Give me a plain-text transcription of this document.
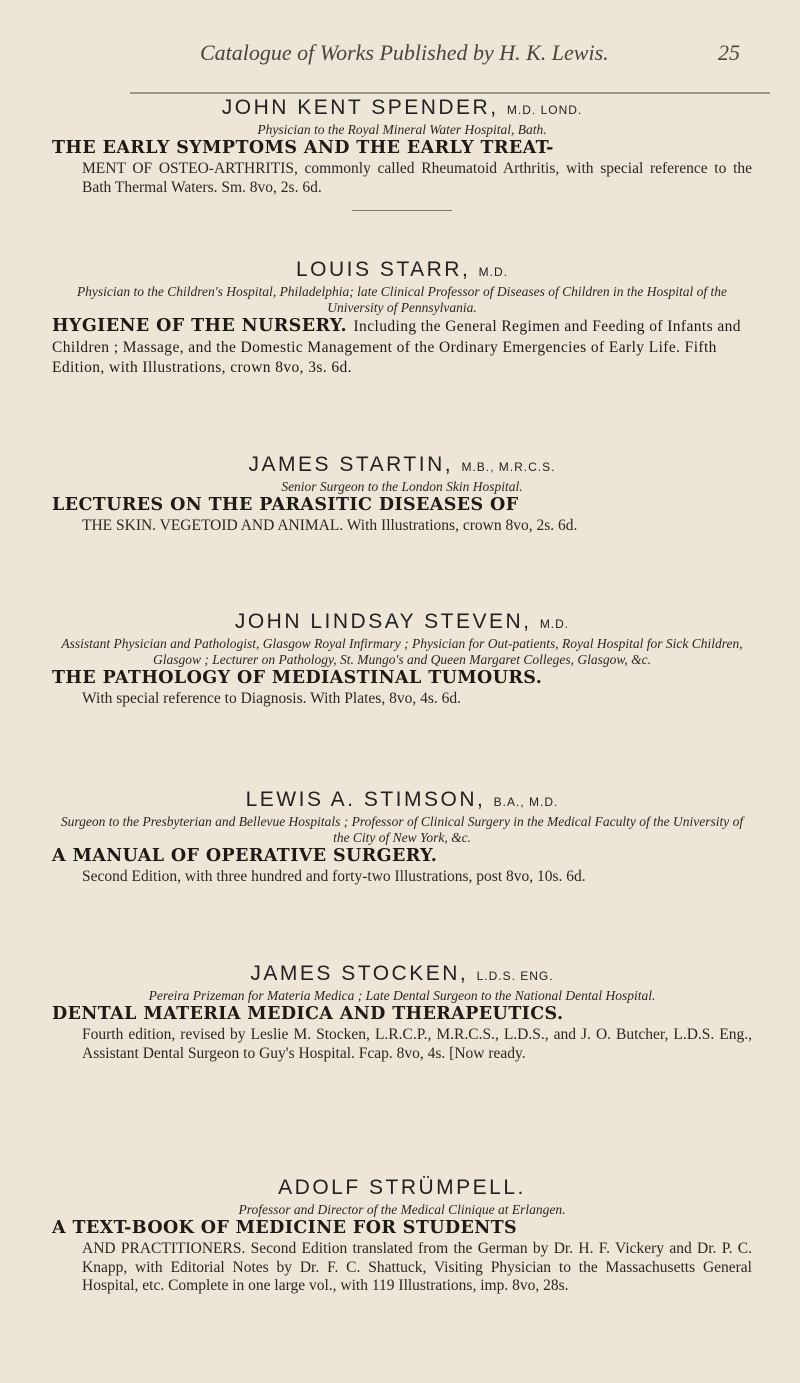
Catalogue of Works Published by H. K. Lewis.	25
JOHN KENT SPENDER, M.D. LOND.
Physician to the Royal Mineral Water Hospital, Bath.
THE EARLY SYMPTOMS AND THE EARLY TREAT-
MENT OF OSTEO-ARTHRITIS, commonly called Rheumatoid Arthritis, with special reference to the Bath Thermal Waters. Sm. 8vo, 2s. 6d.
LOUIS STARR, M.D.
Physician to the Children's Hospital, Philadelphia; late Clinical Professor of Diseases of Children in the Hospital of the University of Pennsylvania.
HYGIENE OF THE NURSERY. Including the General Regimen and Feeding of Infants and Children ; Massage, and the Domestic Management of the Ordinary Emergencies of Early Life. Fifth Edition, with Illustrations, crown 8vo, 3s. 6d.
JAMES STARTIN, M.B., M.R.C.S.
Senior Surgeon to the London Skin Hospital.
LECTURES ON THE PARASITIC DISEASES OF
THE SKIN. VEGETOID AND ANIMAL. With Illustrations, crown 8vo, 2s. 6d.
JOHN LINDSAY STEVEN, M.D.
Assistant Physician and Pathologist, Glasgow Royal Infirmary ; Physician for Out-patients, Royal Hospital for Sick Children, Glasgow ; Lecturer on Pathology, St. Mungo's and Queen Margaret Colleges, Glasgow, &c.
THE PATHOLOGY OF MEDIASTINAL TUMOURS.
With special reference to Diagnosis. With Plates, 8vo, 4s. 6d.
LEWIS A. STIMSON, B.A., M.D.
Surgeon to the Presbyterian and Bellevue Hospitals ; Professor of Clinical Surgery in the Medical Faculty of the University of the City of New York, &c.
A MANUAL OF OPERATIVE SURGERY.
Second Edition, with three hundred and forty-two Illustrations, post 8vo, 10s. 6d.
JAMES STOCKEN, L.D.S. ENG.
Pereira Prizeman for Materia Medica ; Late Dental Surgeon to the National Dental Hospital.
DENTAL MATERIA MEDICA AND THERAPEUTICS.
Fourth edition, revised by Leslie M. Stocken, L.R.C.P., M.R.C.S., L.D.S., and J. O. Butcher, L.D.S. Eng., Assistant Dental Surgeon to Guy's Hospital. Fcap. 8vo, 4s. [Now ready.
ADOLF STRÜMPELL.
Professor and Director of the Medical Clinique at Erlangen.
A TEXT-BOOK OF MEDICINE FOR STUDENTS
AND PRACTITIONERS. Second Edition translated from the German by Dr. H. F. Vickery and Dr. P. C. Knapp, with Editorial Notes by Dr. F. C. Shattuck, Visiting Physician to the Massachusetts General Hospital, etc. Complete in one large vol., with 119 Illustrations, imp. 8vo, 28s.
